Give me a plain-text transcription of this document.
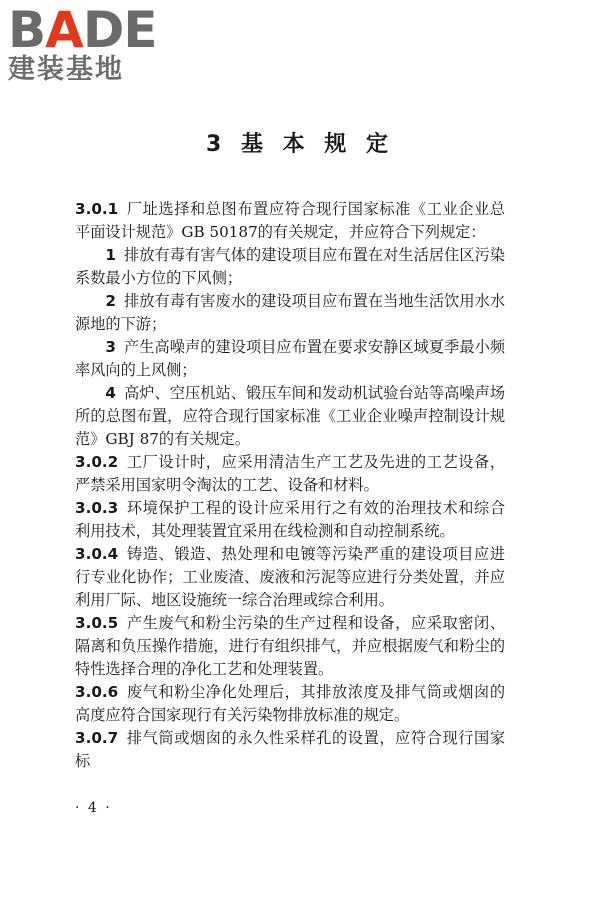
BADE
建装基地
3 基 本 规 定

3.0.1 厂址选择和总图布置应符合现行国家标准《工业企业总平面设计规范》GB 50187的有关规定，并应符合下列规定：

1 排放有毒有害气体的建设项目应布置在对生活居住区污染系数最小方位的下风侧；

2 排放有毒有害废水的建设项目应布置在当地生活饮用水水源地的下游；

3 产生高噪声的建设项目应布置在要求安静区域夏季最小频率风向的上风侧；

4 高炉、空压机站、锻压车间和发动机试验台站等高噪声场所的总图布置，应符合现行国家标准《工业企业噪声控制设计规范》GBJ 87的有关规定。

3.0.2 工厂设计时，应采用清洁生产工艺及先进的工艺设备，严禁采用国家明令淘汰的工艺、设备和材料。

3.0.3 环境保护工程的设计应采用行之有效的治理技术和综合利用技术，其处理装置宜采用在线检测和自动控制系统。

3.0.4 铸造、锻造、热处理和电镀等污染严重的建设项目应进行专业化协作；工业废渣、废液和污泥等应进行分类处置，并应利用厂际、地区设施统一综合治理或综合利用。

3.0.5 产生废气和粉尘污染的生产过程和设备，应采取密闭、隔离和负压操作措施，进行有组织排气，并应根据废气和粉尘的特性选择合理的净化工艺和处理装置。

3.0.6 废气和粉尘净化处理后，其排放浓度及排气筒或烟囱的高度应符合国家现行有关污染物排放标准的规定。

3.0.7 排气筒或烟囱的永久性采样孔的设置，应符合现行国家标

· 4 ·
